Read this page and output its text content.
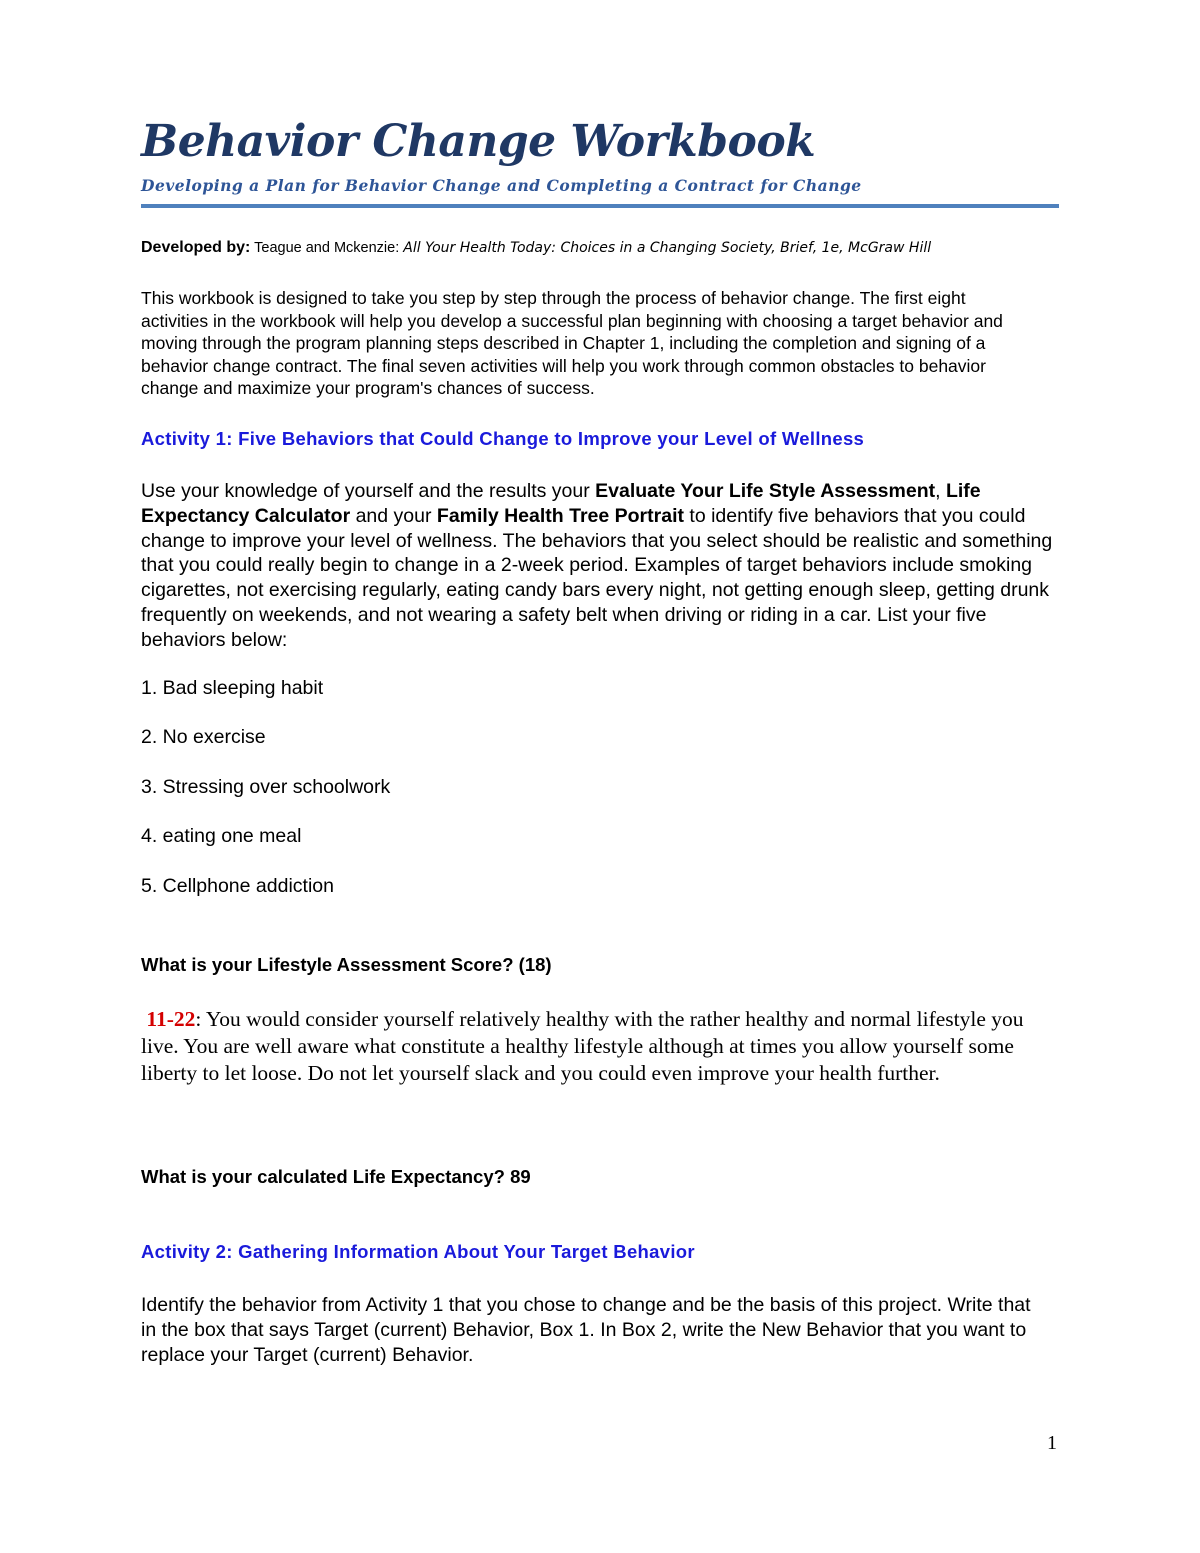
Behavior Change Workbook
Developing a Plan for Behavior Change and Completing a Contract for Change
Developed by: Teague and Mckenzie: All Your Health Today: Choices in a Changing Society, Brief, 1e, McGraw Hill
This workbook is designed to take you step by step through the process of behavior change. The first eight activities in the workbook will help you develop a successful plan beginning with choosing a target behavior and moving through the program planning steps described in Chapter 1, including the completion and signing of a behavior change contract. The final seven activities will help you work through common obstacles to behavior change and maximize your program's chances of success.
Activity 1: Five Behaviors that Could Change to Improve your Level of Wellness
Use your knowledge of yourself and the results your Evaluate Your Life Style Assessment, Life Expectancy Calculator and your Family Health Tree Portrait to identify five behaviors that you could change to improve your level of wellness. The behaviors that you select should be realistic and something that you could really begin to change in a 2-week period. Examples of target behaviors include smoking cigarettes, not exercising regularly, eating candy bars every night, not getting enough sleep, getting drunk frequently on weekends, and not wearing a safety belt when driving or riding in a car. List your five behaviors below:
1. Bad sleeping habit
2. No exercise
3. Stressing over schoolwork
4. eating one meal
5. Cellphone addiction
What is your Lifestyle Assessment Score? (18)
11-22: You would consider yourself relatively healthy with the rather healthy and normal lifestyle you live. You are well aware what constitute a healthy lifestyle although at times you allow yourself some liberty to let loose. Do not let yourself slack and you could even improve your health further.
What is your calculated Life Expectancy? 89
Activity 2: Gathering Information About Your Target Behavior
Identify the behavior from Activity 1 that you chose to change and be the basis of this project. Write that in the box that says Target (current) Behavior, Box 1. In Box 2, write the New Behavior that you want to replace your Target (current) Behavior.
1
